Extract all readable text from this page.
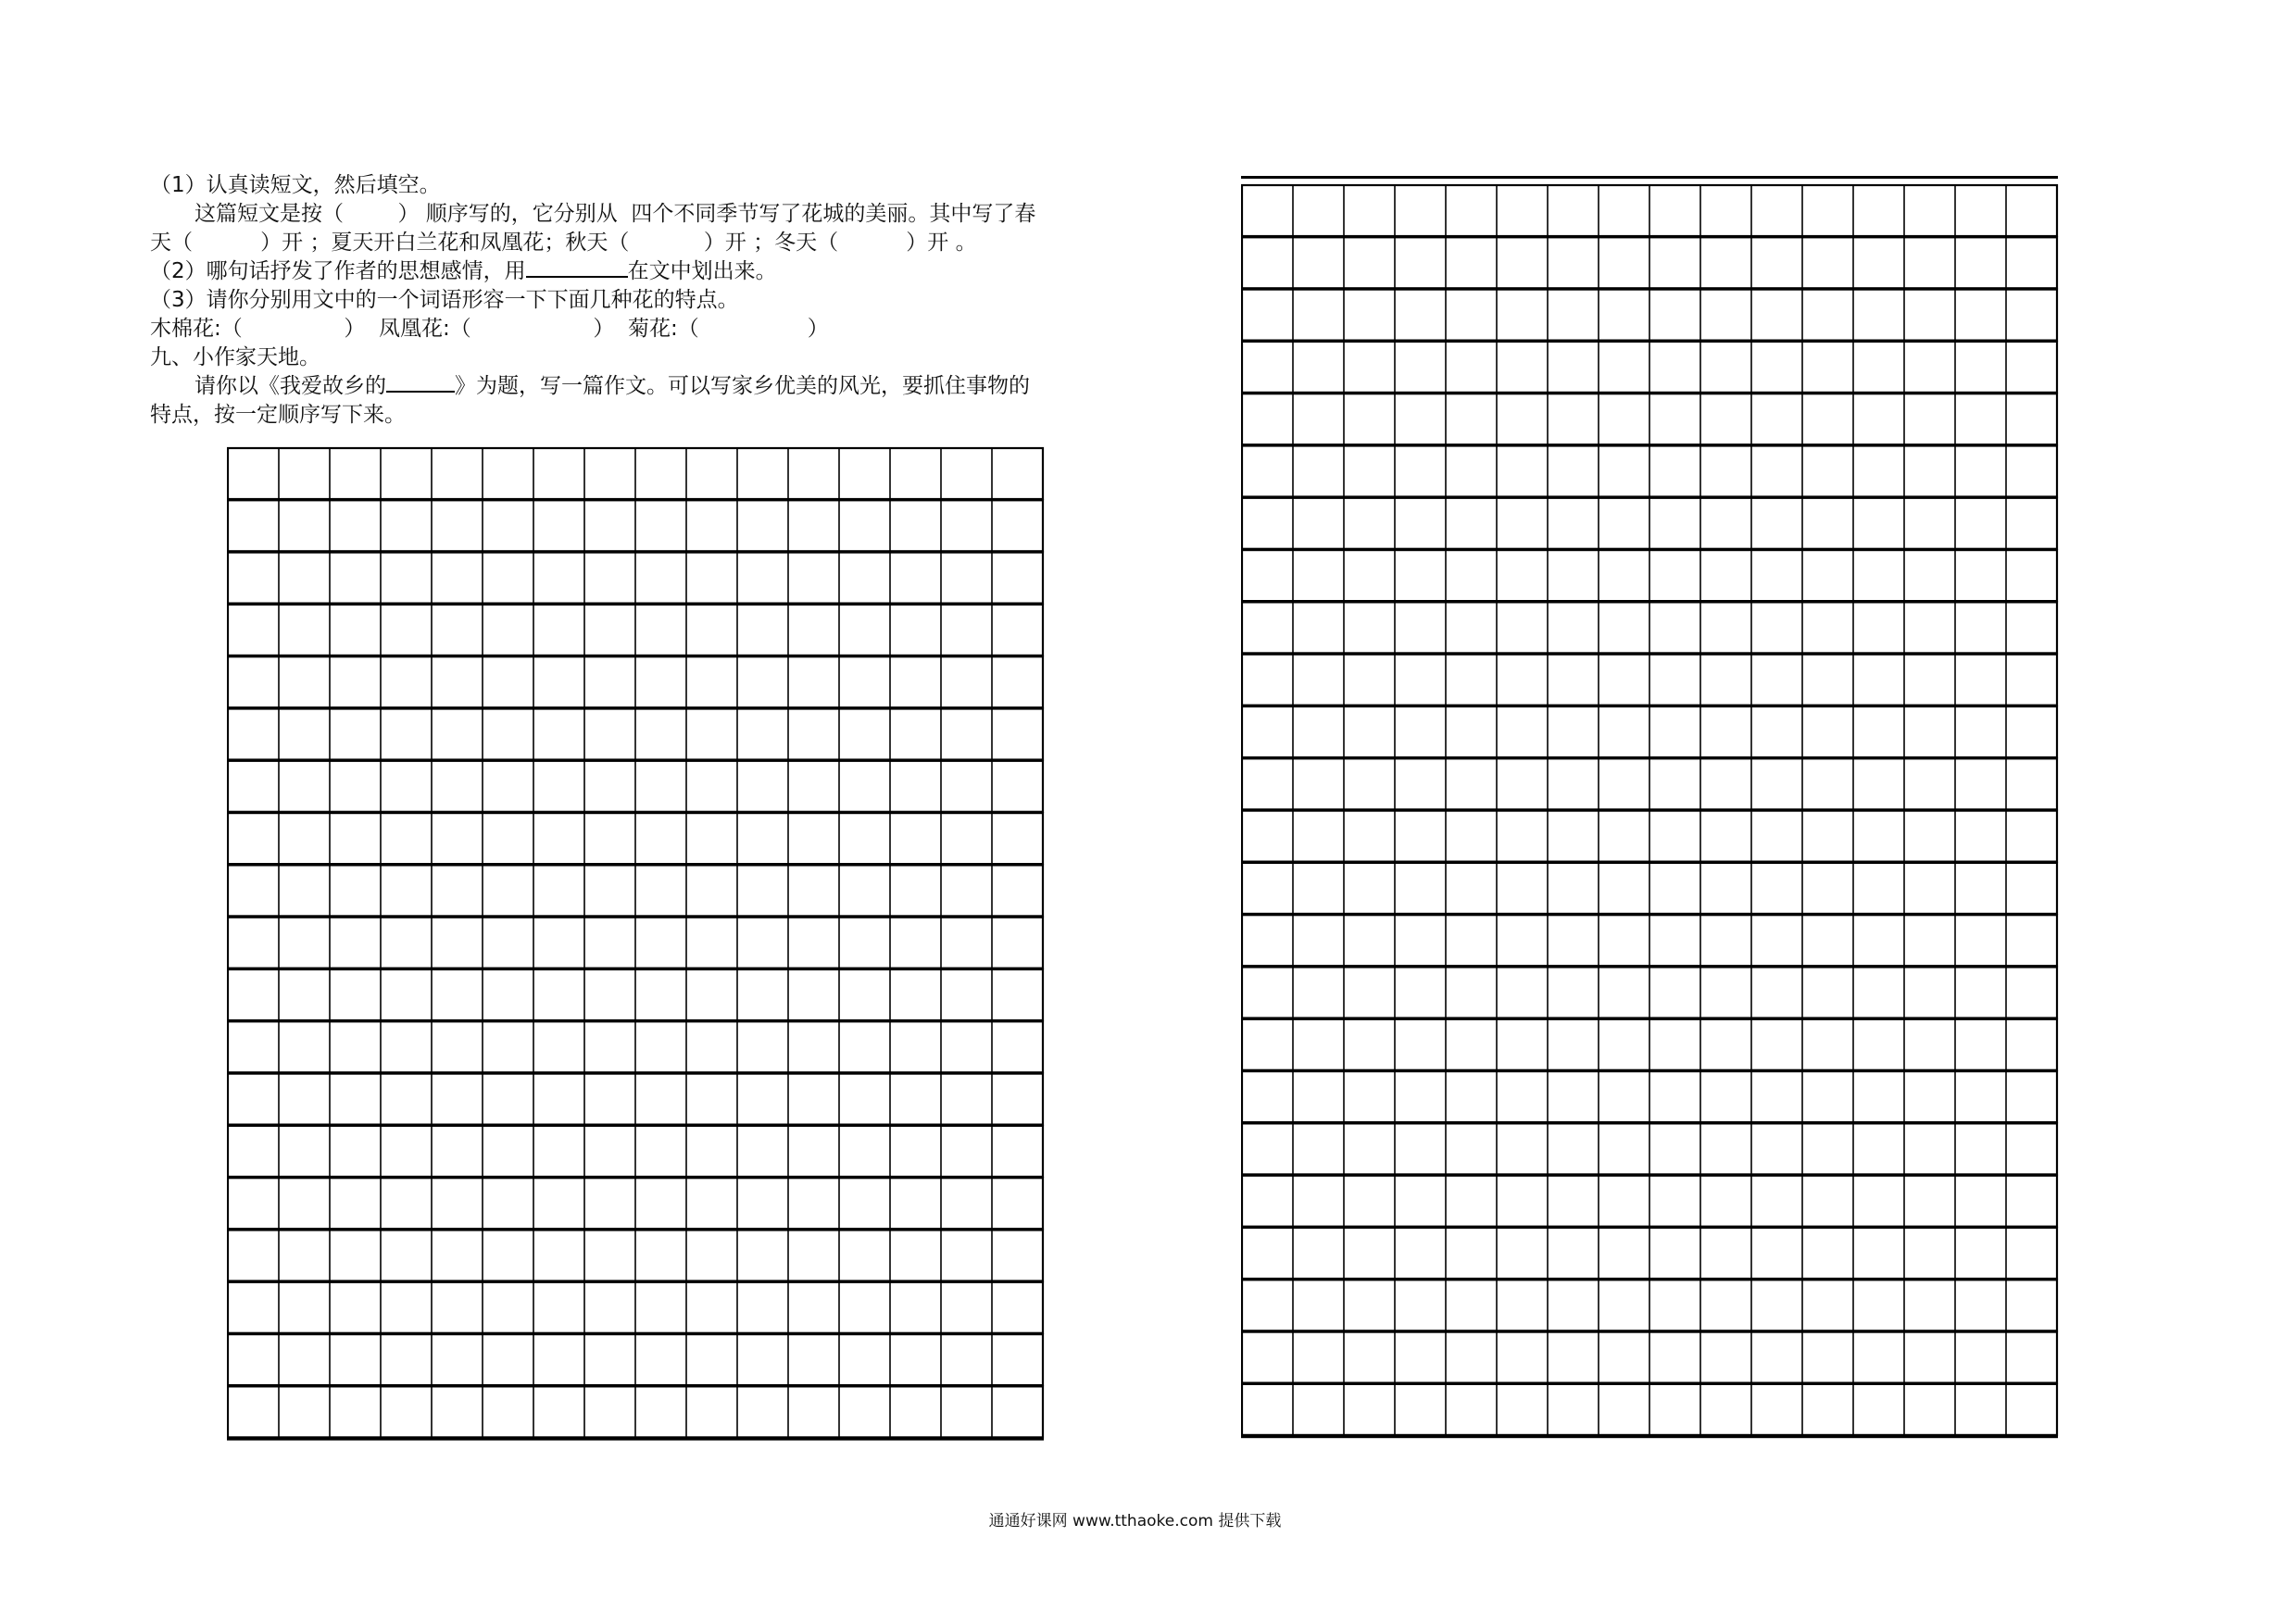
（1）认真读短文，然后填空。
这篇短文是按（        ） 顺序写的，它分别从  四个不同季节写了花城的美丽。其中写了春
天（          ）开 ；夏天开白兰花和凤凰花；秋天（           ）开 ；冬天（          ）开 。
（2）哪句话抒发了作者的思想感情，用	在文中划出来。
（3）请你分别用文中的一个词语形容一下下面几种花的特点。
木棉花:（               ）  凤凰花:（                  ）  菊花:（                ）
九、小作家天地。
请你以《我爱故乡的	》为题，写一篇作文。可以写家乡优美的风光，要抓住事物的
特点，按一定顺序写下来。
通通好课网 www.tthaoke.com 提供下载
